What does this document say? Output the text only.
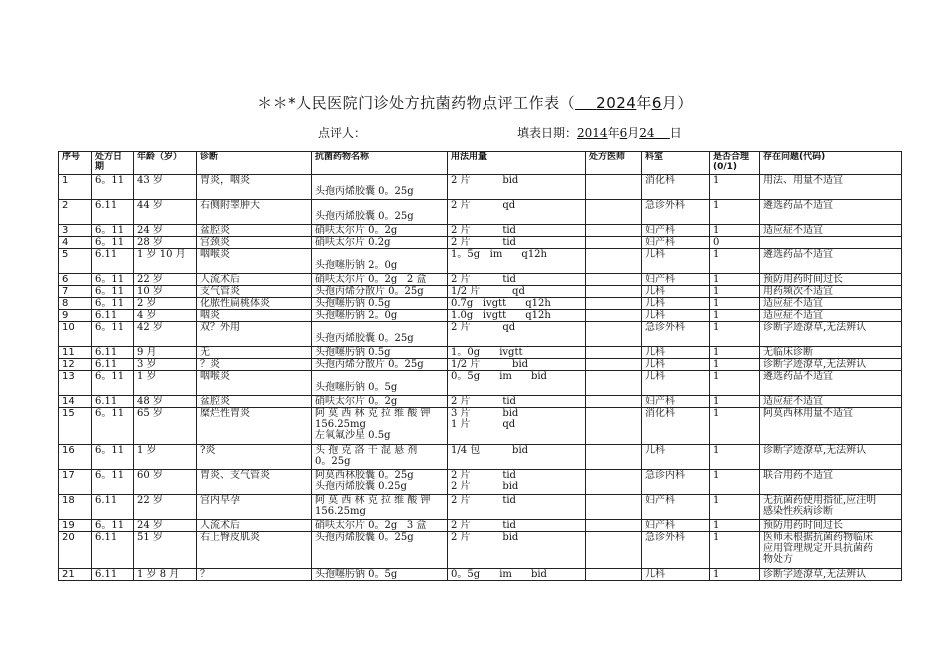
＊＊*人民医院门诊处方抗菌药物点评工作表（ 2024年6月）
点评人：	填表日期：2014年6月24 日
序号	处方日期	年龄（岁）	诊断	抗菌药物名称	用法用量	处方医师	科室	是否合理(0/1)	存在问题(代码)

1	6。11	43 岁	胃炎，咽炎	头孢丙烯胶囊 0。25g	2 片          bid		消化科	1	用法、用量不适宜

2	6.11	44 岁	右侧附睾肿大	头孢丙烯胶囊 0。25g	2 片          qd		急诊外科	1	遴选药品不适宜

3	6。11	24 岁	盆腔炎	硝呋太尔片 0。2g	2 片          tid		妇产科	1	适应症不适宜

4	6。11	28 岁	宫颈炎	硝呋太尔片 0.2g	2 片          tid		妇产科	0	

5	6.11	1 岁 10 月	咽喉炎	头孢噻肟钠 2。0g	1。5g   im      q12h		儿科	1	遴选药品不适宜

6	6。11	22 岁	人流术后	硝呋太尔片 0。2g   2 盒	2 片          tid		妇产科	1	预防用药时间过长

7	6。11	10 岁	支气管炎	头孢丙烯分散片 0。25g	1/2 片          qd		儿科	1	用药频次不适宜

8	6。11	2 岁	化脓性扁桃体炎	头孢噻肟钠 0.5g	0.7g   ivgtt      q12h		儿科	1	适应症不适宜

9	6.11	4 岁	咽炎	头孢噻肟钠 2。0g	1.0g   ivgtt      q12h		儿科	1	适应症不适宜

10	6。11	42 岁	双？外用	头孢丙烯胶囊 0。25g	2 片          qd		急诊外科	1	诊断字迹潦草,无法辨认

11	6.11	9 月	无	头孢噻肟钠 0.5g	1。0g      ivgtt		儿科	1	无临床诊断

12	6.11	3 岁	？炎	头孢丙烯分散片 0。25g	1/2 片          bid		儿科	1	诊断字迹潦草,无法辨认

13	6。11	1 岁	咽喉炎	头孢噻肟钠 0。5g	0。5g      im      bid		儿科	1	遴选药品不适宜

14	6.11	48 岁	盆腔炎	硝呋太尔片 0。2g	2 片          tid		妇产科	1	适应症不适宜

15	6。11	65 岁	糜烂性胃炎	阿 莫 西 林 克 拉 维 酸 钾
156.25mg
左氧氟沙星 0.5g	3 片          bid
1 片          qd		消化科	1	阿莫西林用量不适宜

16	6。11	1 岁	?炎	头 孢 克 洛 干 混 悬 剂
0。25g	1/4 包          bid		儿科	1	诊断字迹潦草,无法辨认

17	6。11	60 岁	胃炎、支气管炎	阿莫西林胶囊 0。25g
头孢丙烯胶囊 0.25g	2 片          tid
2 片          bid		急诊内科	1	联合用药不适宜

18	6.11	22 岁	宫内早孕	阿 莫 西 林 克 拉 维 酸 钾
156.25mg	2 片          tid		妇产科	1	无抗菌药使用指征,应注明
感染性疾病诊断

19	6。11	24 岁	人流术后	硝呋太尔片 0。2g   3 盒	2 片          tid		妇产科	1	预防用药时间过长

20	6.11	51 岁	右上臀皮肌炎	头孢丙烯胶囊 0。25g	2 片          bid		急诊外科	1	医师未根据抗菌药物临床
应用管理规定开具抗菌药
物处方

21	6.11	1 岁 8 月	？	头孢噻肟钠 0。5g	0。5g      im      bid		儿科	1	诊断字迹潦草,无法辨认
